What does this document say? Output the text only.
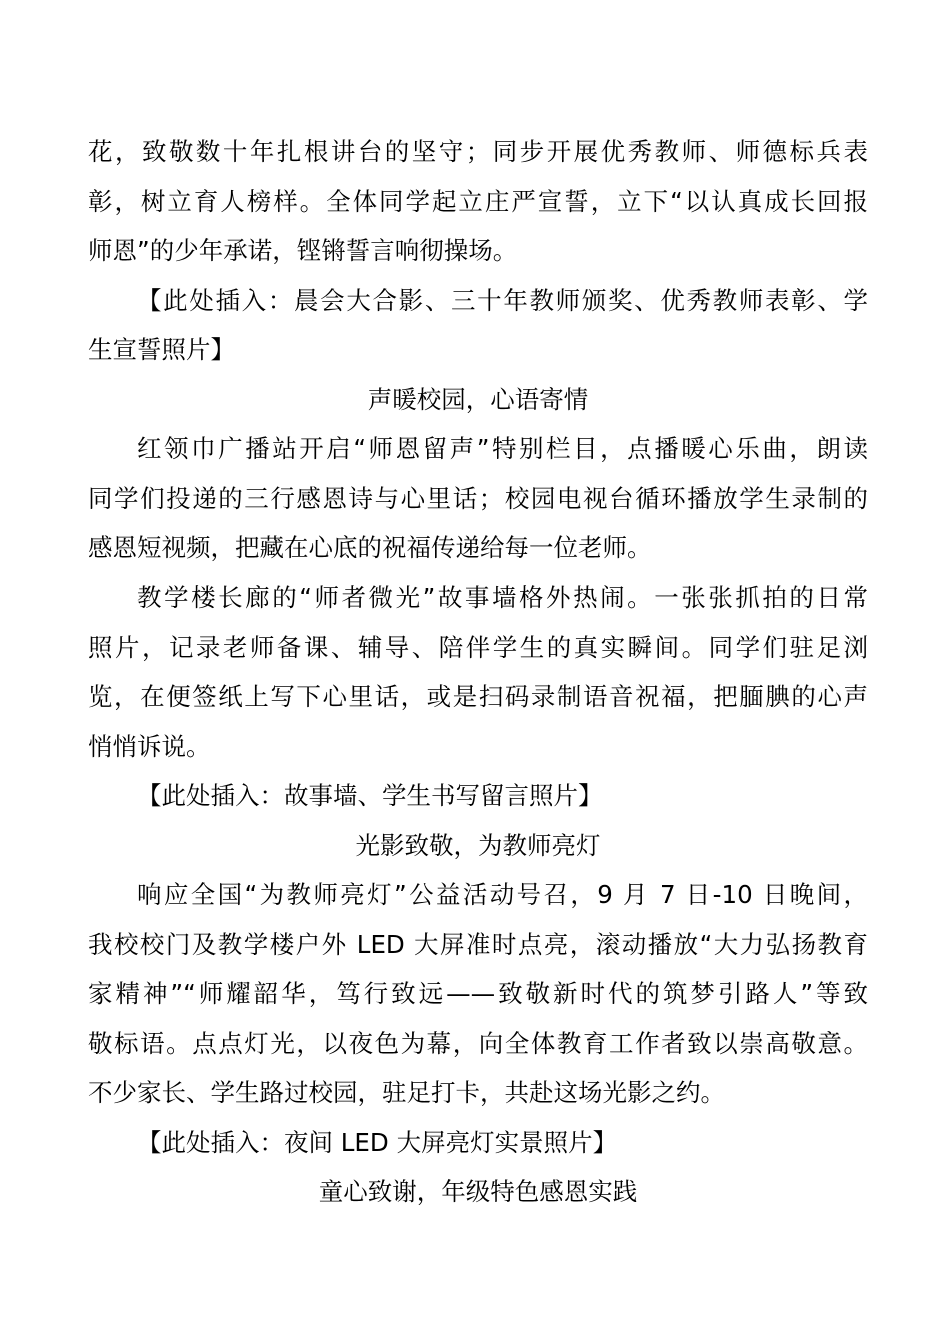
花，致敬数十年扎根讲台的坚守；同步开展优秀教师、师德标兵表
彰，树立育人榜样。全体同学起立庄严宣誓，立下“以认真成长回报
师恩”的少年承诺，铿锵誓言响彻操场。
【此处插入：晨会大合影、三十年教师颁奖、优秀教师表彰、学
生宣誓照片】
声暖校园，心语寄情
红领巾广播站开启“师恩留声”特别栏目，点播暖心乐曲，朗读
同学们投递的三行感恩诗与心里话；校园电视台循环播放学生录制的
感恩短视频，把藏在心底的祝福传递给每一位老师。
教学楼长廊的“师者微光”故事墙格外热闹。一张张抓拍的日常
照片，记录老师备课、辅导、陪伴学生的真实瞬间。同学们驻足浏
览，在便签纸上写下心里话，或是扫码录制语音祝福，把腼腆的心声
悄悄诉说。
【此处插入：故事墙、学生书写留言照片】
光影致敬，为教师亮灯
响应全国“为教师亮灯”公益活动号召，9 月 7 日-10 日晚间，
我校校门及教学楼户外 LED 大屏准时点亮，滚动播放“大力弘扬教育
家精神”“师耀韶华，笃行致远——致敬新时代的筑梦引路人”等致
敬标语。点点灯光，以夜色为幕，向全体教育工作者致以崇高敬意。
不少家长、学生路过校园，驻足打卡，共赴这场光影之约。
【此处插入：夜间 LED 大屏亮灯实景照片】
童心致谢，年级特色感恩实践
